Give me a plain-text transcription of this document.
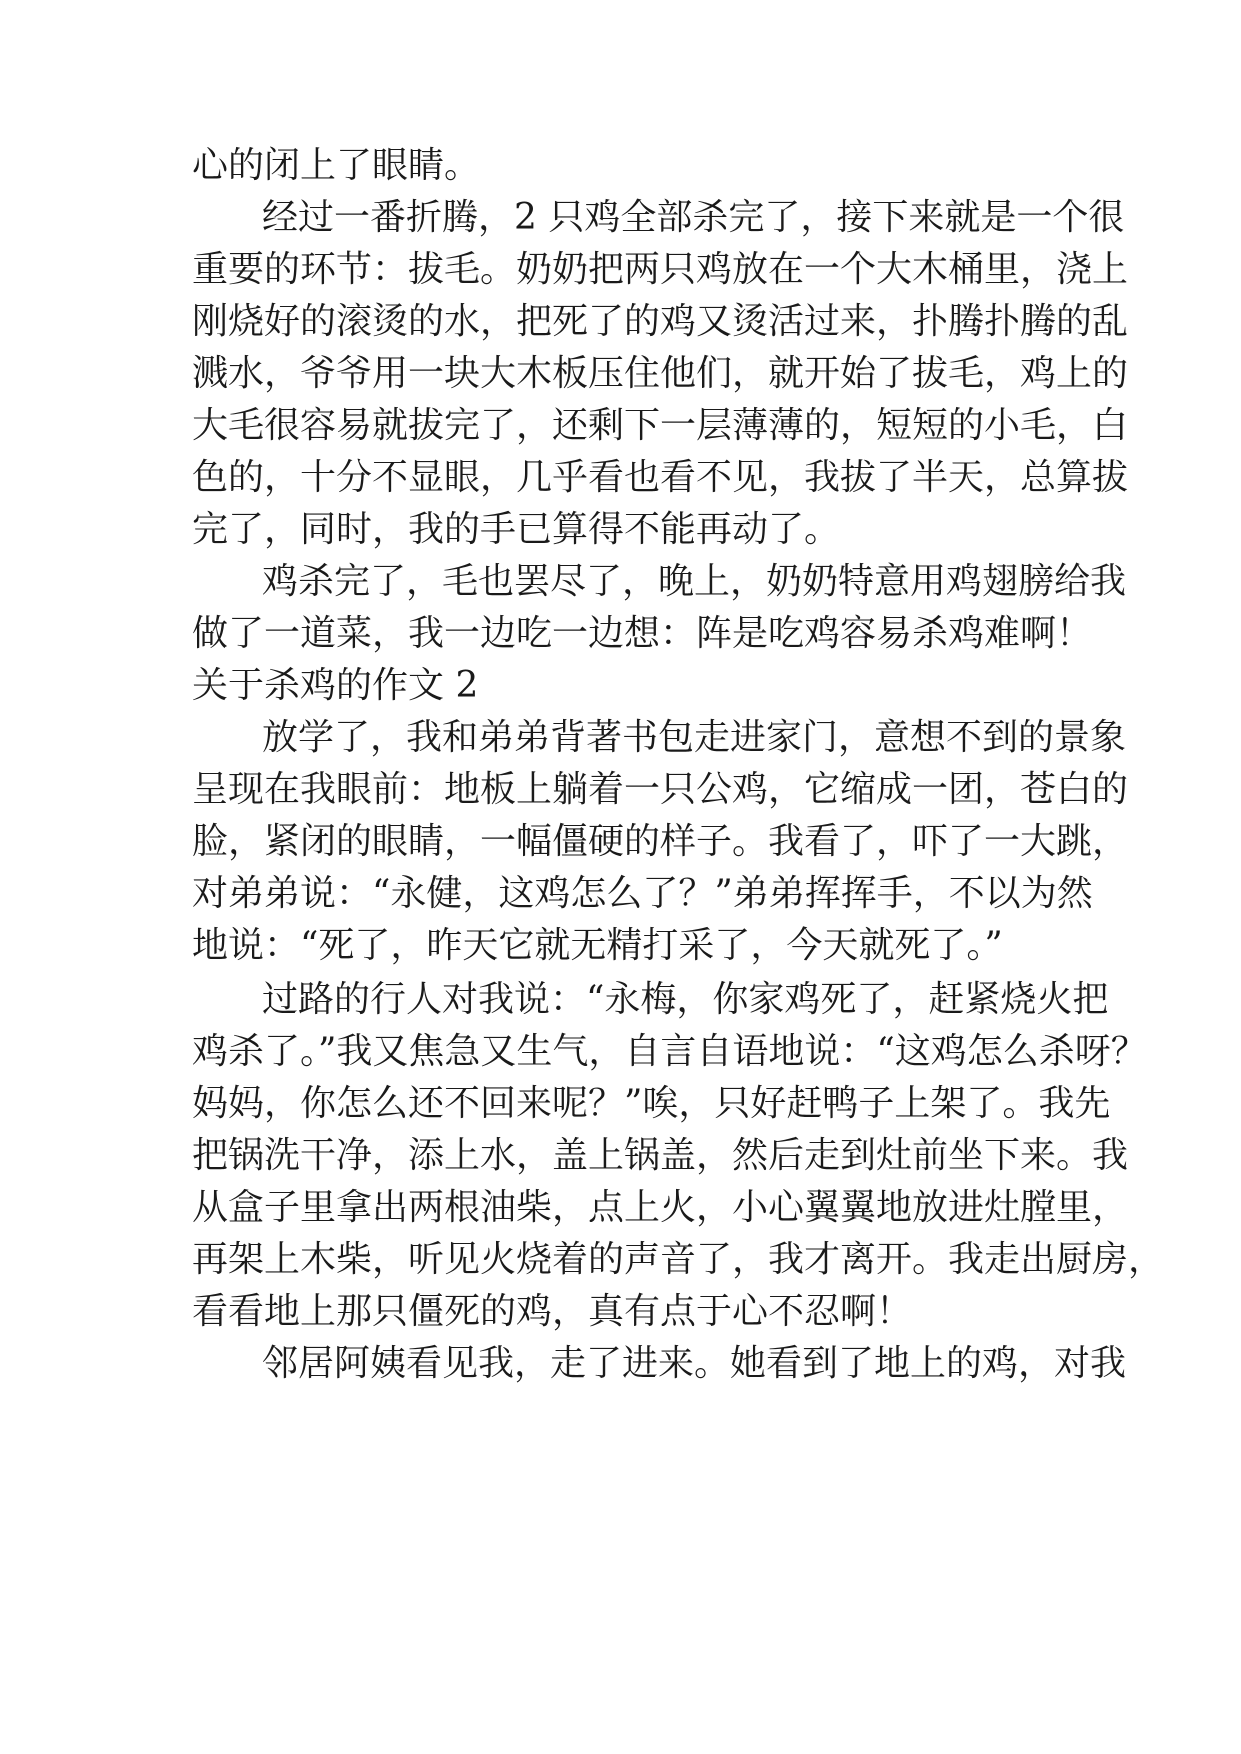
心的闭上了眼睛。
经过一番折腾，2 只鸡全部杀完了，接下来就是一个很
重要的环节：拔毛。奶奶把两只鸡放在一个大木桶里，浇上
刚烧好的滚烫的水，把死了的鸡又烫活过来，扑腾扑腾的乱
溅水，爷爷用一块大木板压住他们，就开始了拔毛，鸡上的
大毛很容易就拔完了，还剩下一层薄薄的，短短的小毛，白
色的，十分不显眼，几乎看也看不见，我拔了半天，总算拔
完了，同时，我的手已算得不能再动了。
鸡杀完了，毛也罢尽了，晚上，奶奶特意用鸡翅膀给我
做了一道菜，我一边吃一边想：阵是吃鸡容易杀鸡难啊！
关于杀鸡的作文 2
放学了，我和弟弟背著书包走进家门，意想不到的景象
呈现在我眼前：地板上躺着一只公鸡，它缩成一团，苍白的
脸，紧闭的眼睛，一幅僵硬的样子。我看了，吓了一大跳，
对弟弟说：“永健，这鸡怎么了？”弟弟挥挥手，不以为然
地说：“死了，昨天它就无精打采了，今天就死了。”
过路的行人对我说：“永梅，你家鸡死了，赶紧烧火把
鸡杀了。”我又焦急又生气，自言自语地说：“这鸡怎么杀呀？
妈妈，你怎么还不回来呢？”唉，只好赶鸭子上架了。我先
把锅洗干净，添上水，盖上锅盖，然后走到灶前坐下来。我
从盒子里拿出两根油柴，点上火，小心翼翼地放进灶膛里，
再架上木柴，听见火烧着的声音了，我才离开。我走出厨房，
看看地上那只僵死的鸡，真有点于心不忍啊！
邻居阿姨看见我，走了进来。她看到了地上的鸡，对我
